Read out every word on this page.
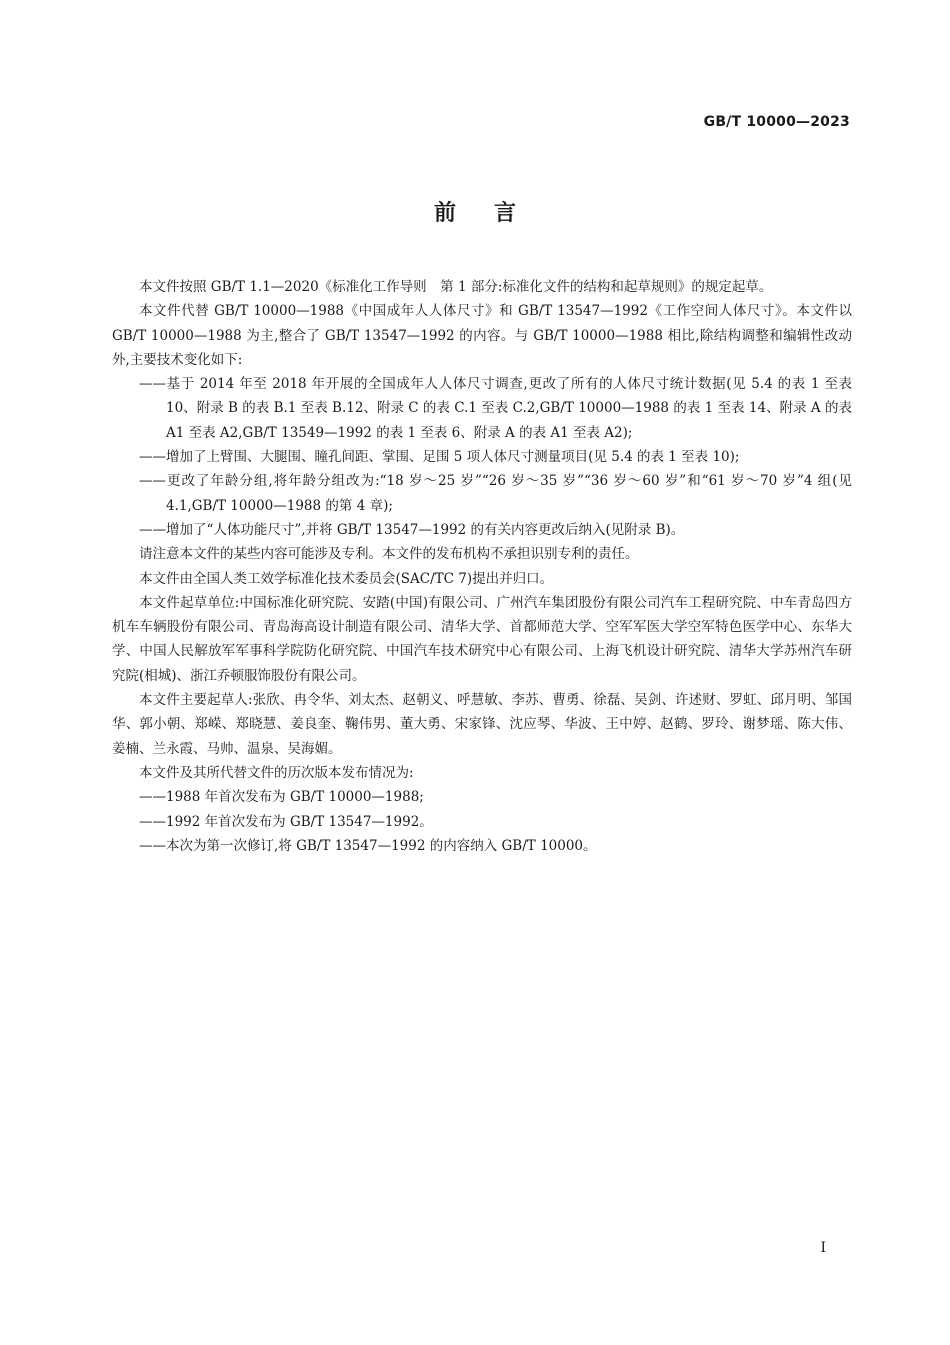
GB/T 10000—2023
前言

本文件按照 GB/T 1.1—2020《标准化工作导则　第 1 部分:标准化文件的结构和起草规则》的规定起草。

本文件代替 GB/T 10000—1988《中国成年人人体尺寸》和 GB/T 13547—1992《工作空间人体尺寸》。本文件以 GB/T 10000—1988 为主,整合了 GB/T 13547—1992 的内容。与 GB/T 10000—1988 相比,除结构调整和编辑性改动外,主要技术变化如下:

——基于 2014 年至 2018 年开展的全国成年人人体尺寸调查,更改了所有的人体尺寸统计数据(见 5.4 的表 1 至表 10、附录 B 的表 B.1 至表 B.12、附录 C 的表 C.1 至表 C.2,GB/T 10000—1988 的表 1 至表 14、附录 A 的表 A1 至表 A2,GB/T 13549—1992 的表 1 至表 6、附录 A 的表 A1 至表 A2);

——增加了上臂围、大腿围、瞳孔间距、掌围、足围 5 项人体尺寸测量项目(见 5.4 的表 1 至表 10);

——更改了年龄分组,将年龄分组改为:“18 岁～25 岁”“26 岁～35 岁”“36 岁～60 岁”和“61 岁～70 岁”4 组(见 4.1,GB/T 10000—1988 的第 4 章);

——增加了“人体功能尺寸”,并将 GB/T 13547—1992 的有关内容更改后纳入(见附录 B)。

请注意本文件的某些内容可能涉及专利。本文件的发布机构不承担识别专利的责任。

本文件由全国人类工效学标准化技术委员会(SAC/TC 7)提出并归口。

本文件起草单位:中国标准化研究院、安踏(中国)有限公司、广州汽车集团股份有限公司汽车工程研究院、中车青岛四方机车车辆股份有限公司、青岛海高设计制造有限公司、清华大学、首都师范大学、空军军医大学空军特色医学中心、东华大学、中国人民解放军军事科学院防化研究院、中国汽车技术研究中心有限公司、上海飞机设计研究院、清华大学苏州汽车研究院(相城)、浙江乔顿服饰股份有限公司。

本文件主要起草人:张欣、冉令华、刘太杰、赵朝义、呼慧敏、李苏、曹勇、徐磊、吴剑、许述财、罗虹、邱月明、邹国华、郭小朝、郑嵘、郑晓慧、姜良奎、鞠伟男、董大勇、宋家锋、沈应琴、华波、王中婷、赵鹤、罗玲、谢梦瑶、陈大伟、姜楠、兰永霞、马帅、温泉、吴海媚。

本文件及其所代替文件的历次版本发布情况为:

——1988 年首次发布为 GB/T 10000—1988;

——1992 年首次发布为 GB/T 13547—1992。

——本次为第一次修订,将 GB/T 13547—1992 的内容纳入 GB/T 10000。

I
